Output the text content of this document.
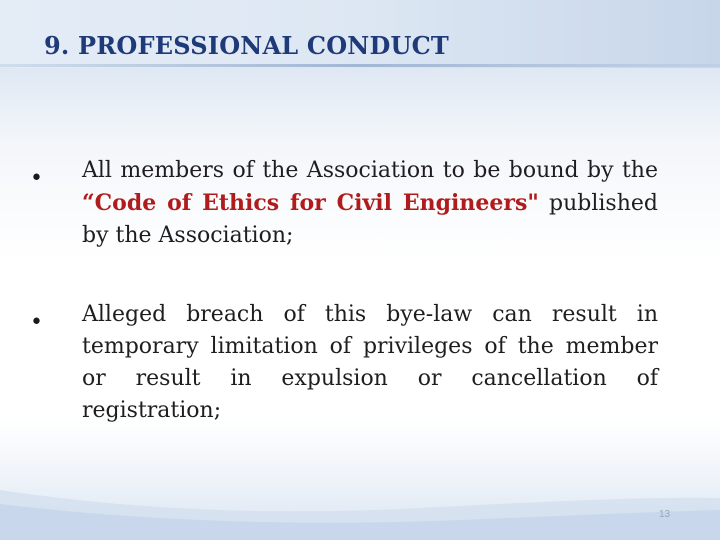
9. PROFESSIONAL CONDUCT
• All members of the Association to be bound by the “Code of Ethics for Civil Engineers" published by the Association;

• Alleged breach of this bye-law can result in temporary limitation of privileges of the member or result in expulsion or cancellation of registration;

13
